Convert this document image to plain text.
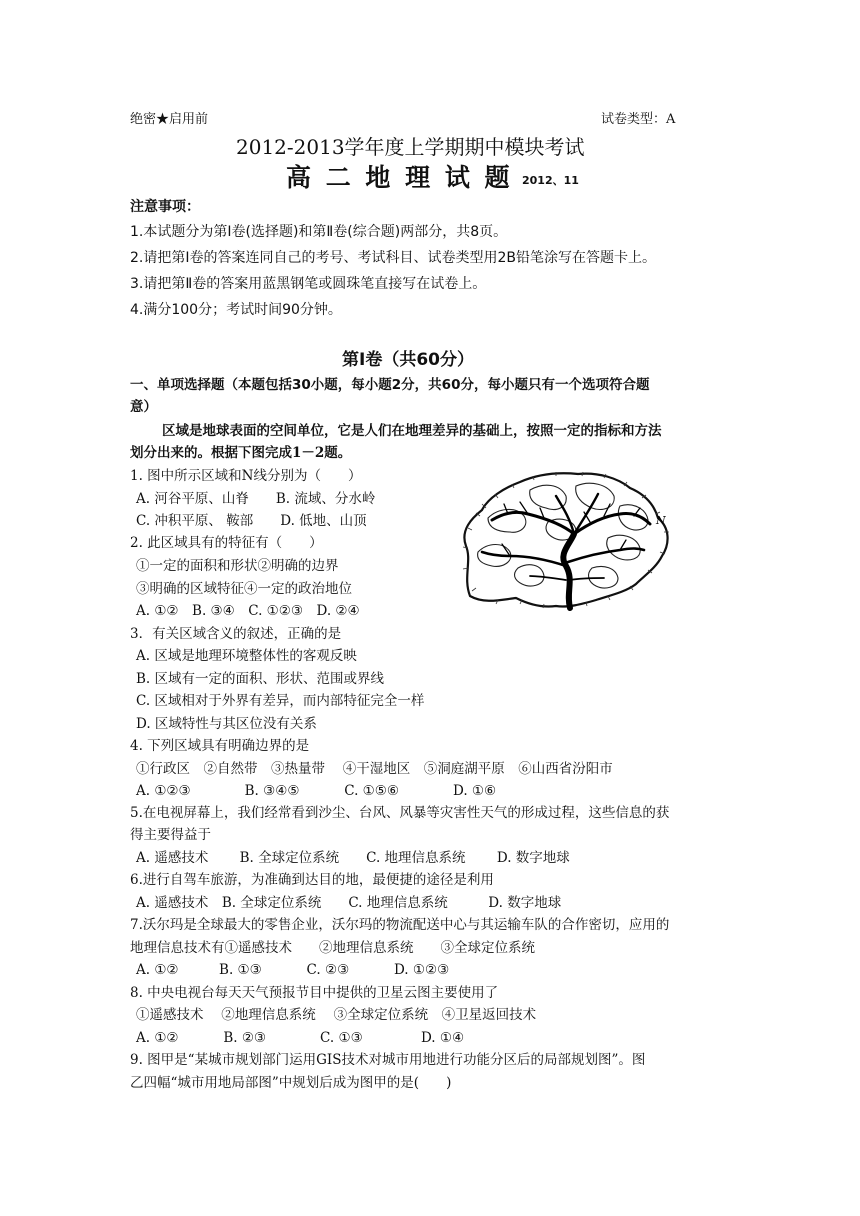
绝密★启用前	试卷类型：A
2012-2013学年度上学期期中模块考试
高 二 地 理 试 题 2012、11
注意事项：
1.本试题分为第Ⅰ卷(选择题)和第Ⅱ卷(综合题)两部分，共8页。
2.请把第Ⅰ卷的答案连同自己的考号、考试科目、试卷类型用2B铅笔涂写在答题卡上。
3.请把第Ⅱ卷的答案用蓝黑钢笔或圆珠笔直接写在试卷上。
4.满分100分；考试时间90分钟。
第Ⅰ卷（共60分）
一、单项选择题（本题包括30小题，每小题2分，共60分，每小题只有一个选项符合题
意）
区域是地球表面的空间单位，它是人们在地理差异的基础上，按照一定的指标和方法
划分出来的。根据下图完成1－2题。
N
1. 图中所示区域和N线分别为（　　）
A. 河谷平原、山脊　　B. 流域、分水岭
C. 冲积平原、 鞍部　　D. 低地、山顶
2. 此区域具有的特征有（　　）
①一定的面积和形状②明确的边界
③明确的区域特征④一定的政治地位
A. ①②　B. ③④　C. ①②③　D. ②④
3．有关区域含义的叙述，正确的是
A. 区域是地理环境整体性的客观反映
B. 区域有一定的面积、形状、范围或界线
C. 区域相对于外界有差异，而内部特征完全一样
D. 区域特性与其区位没有关系
4. 下列区域具有明确边界的是
①行政区　②自然带　③热量带　 ④干湿地区　⑤洞庭湖平原　⑥山西省汾阳市
A. ①②③　　　　B. ③④⑤　　　 C. ①⑤⑥　　　　D. ①⑥
5.在电视屏幕上，我们经常看到沙尘、台风、风暴等灾害性天气的形成过程，这些信息的获
得主要得益于
A. 遥感技术　　 B. 全球定位系统　　C. 地理信息系统　　 D. 数字地球
6.进行自驾车旅游，为准确到达目的地，最便捷的途径是利用
A. 遥感技术　B. 全球定位系统　　C. 地理信息系统　　　D. 数字地球
7.沃尔玛是全球最大的零售企业，沃尔玛的物流配送中心与其运输车队的合作密切，应用的
地理信息技术有①遥感技术　　②地理信息系统　　③全球定位系统
A. ①②　　　B. ①③　　　 C. ②③　　　 D. ①②③
8. 中央电视台每天天气预报节目中提供的卫星云图主要使用了
①遥感技术　 ②地理信息系统　 ③全球定位系统　④卫星返回技术
A. ①②　　　 B. ②③　　　　C. ①③　　　　 D. ①④
9. 图甲是“某城市规划部门运用GIS技术对城市用地进行功能分区后的局部规划图”。图
乙四幅“城市用地局部图”中规划后成为图甲的是(　　)
